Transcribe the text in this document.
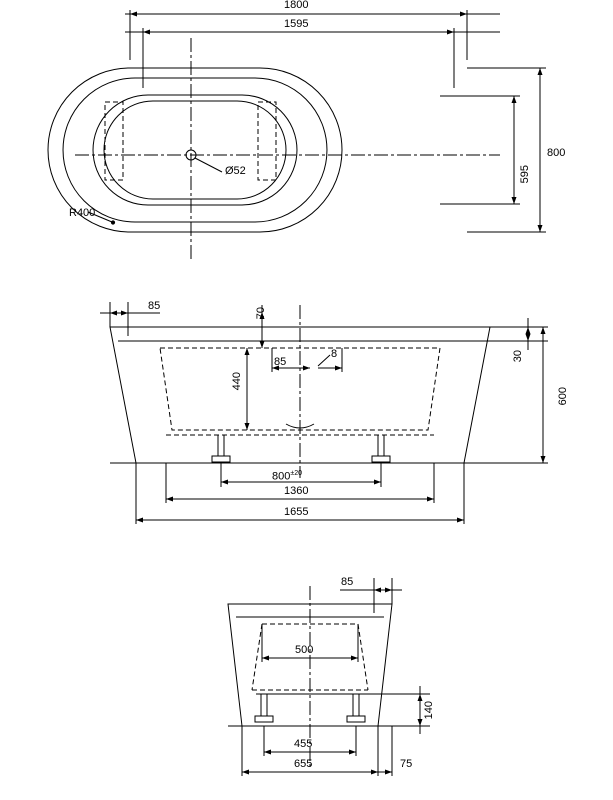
1800
1595
800
595
R400
Ø52
85
70
85
8
440
30
600
$800^{\pm 20}$
1360
1655
85
500
140
455
655	75
